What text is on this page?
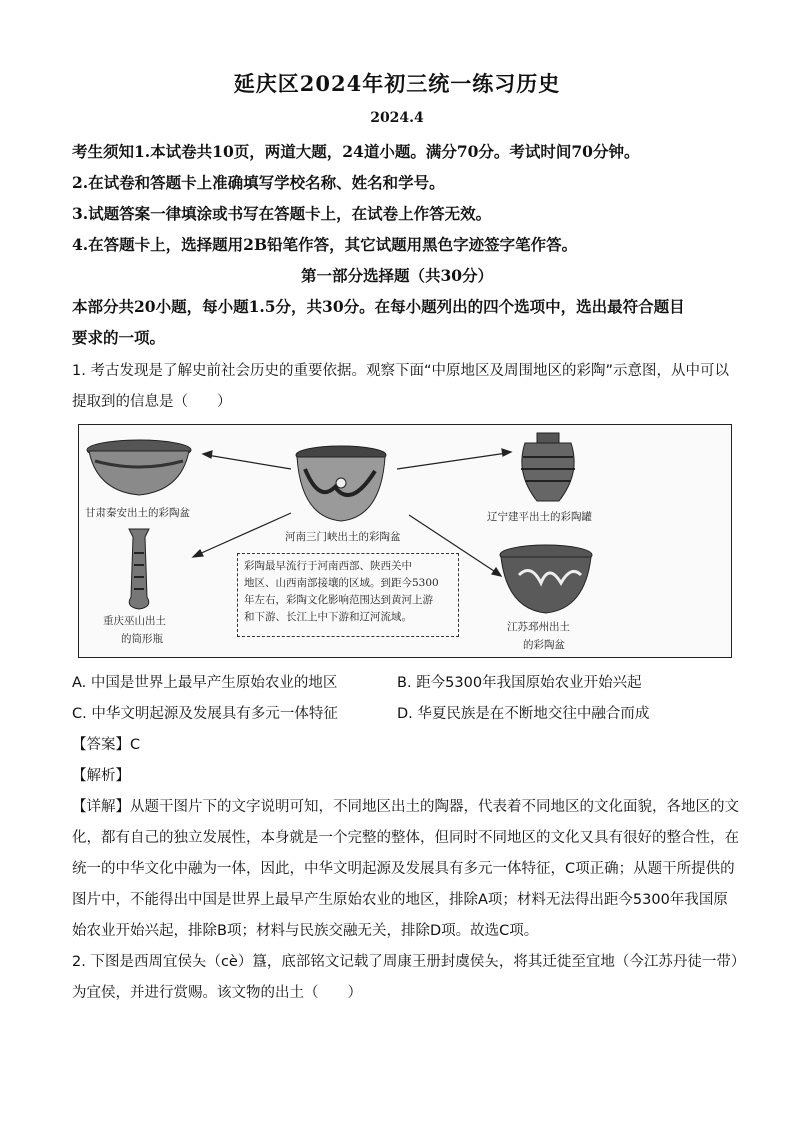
延庆区2024年初三统一练习历史
2024.4
考生须知1.本试卷共10页，两道大题，24道小题。满分70分。考试时间70分钟。
2.在试卷和答题卡上准确填写学校名称、姓名和学号。
3.试题答案一律填涂或书写在答题卡上，在试卷上作答无效。
4.在答题卡上，选择题用2B铅笔作答，其它试题用黑色字迹签字笔作答。
第一部分选择题（共30分）
本部分共20小题，每小题1.5分，共30分。在每小题列出的四个选项中，选出最符合题目
要求的一项。
1. 考古发现是了解史前社会历史的重要依据。观察下面“中原地区及周围地区的彩陶”示意图，从中可以
提取到的信息是（　　）
甘肃秦安出土的彩陶盆
河南三门峡出土的彩陶盆
辽宁建平出土的彩陶罐
重庆巫山出土
的筒形瓶
江苏邳州出土
的彩陶盆
彩陶最早流行于河南西部、陕西关中
地区、山西南部接壤的区域。到距今5300
年左右，彩陶文化影响范围达到黄河上游
和下游、长江上中下游和辽河流域。
A. 中国是世界上最早产生原始农业的地区	B. 距今5300年我国原始农业开始兴起
C. 中华文明起源及发展具有多元一体特征	D. 华夏民族是在不断地交往中融合而成
【答案】C
【解析】
【详解】从题干图片下的文字说明可知，不同地区出土的陶器，代表着不同地区的文化面貌，各地区的文
化，都有自己的独立发展性，本身就是一个完整的整体，但同时不同地区的文化又具有很好的整合性，在
统一的中华文化中融为一体，因此，中华文明起源及发展具有多元一体特征，C项正确；从题干所提供的
图片中，不能得出中国是世界上最早产生原始农业的地区，排除A项；材料无法得出距今5300年我国原
始农业开始兴起，排除B项；材料与民族交融无关，排除D项。故选C项。
2. 下图是西周宜侯夨（cè）簋，底部铭文记载了周康王册封虞侯夨，将其迁徙至宜地（今江苏丹徒一带）
为宜侯，并进行赏赐。该文物的出土（　　）
